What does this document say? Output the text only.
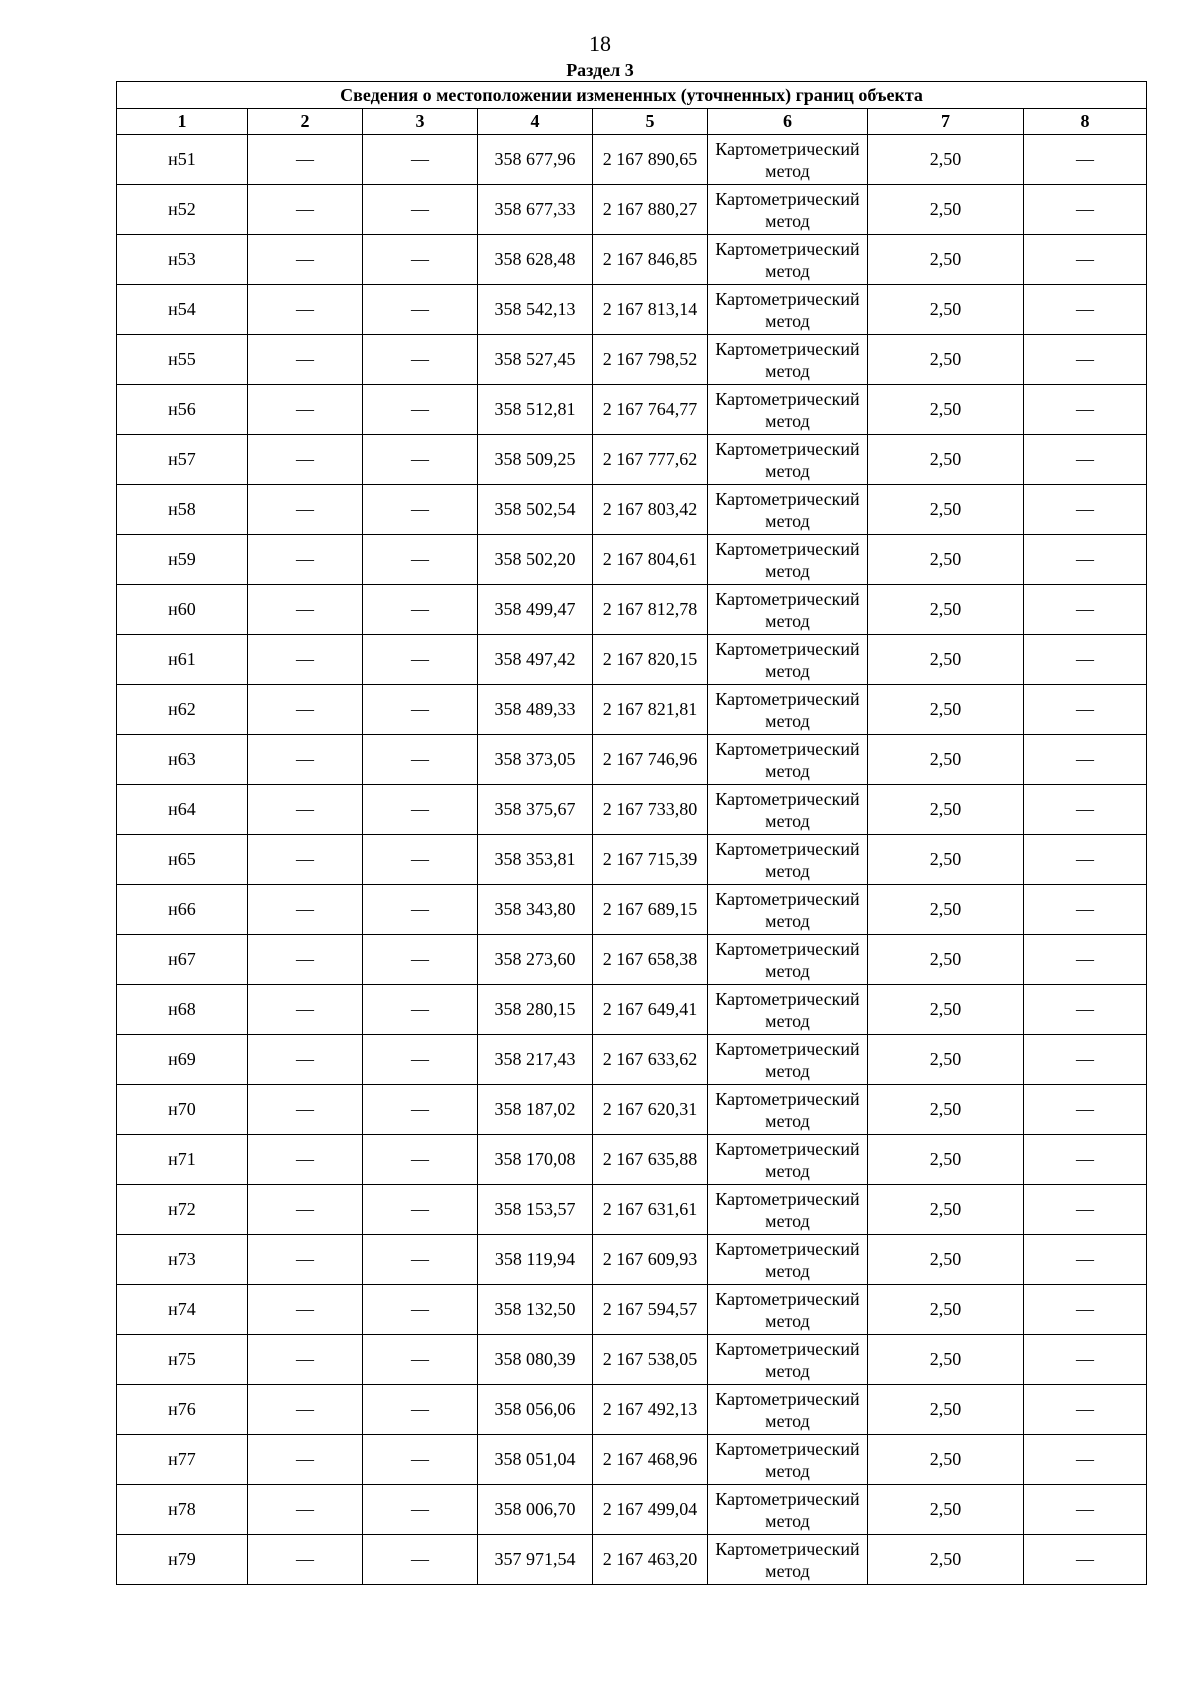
18
Раздел 3
Сведения о местоположении измененных (уточненных) границ объекта							
1	2	3	4	5	6	7	8
н51	—	—	358 677,96	2 167 890,65	Картометрический метод	2,50	—
н52	—	—	358 677,33	2 167 880,27	Картометрический метод	2,50	—
н53	—	—	358 628,48	2 167 846,85	Картометрический метод	2,50	—
н54	—	—	358 542,13	2 167 813,14	Картометрический метод	2,50	—
н55	—	—	358 527,45	2 167 798,52	Картометрический метод	2,50	—
н56	—	—	358 512,81	2 167 764,77	Картометрический метод	2,50	—
н57	—	—	358 509,25	2 167 777,62	Картометрический метод	2,50	—
н58	—	—	358 502,54	2 167 803,42	Картометрический метод	2,50	—
н59	—	—	358 502,20	2 167 804,61	Картометрический метод	2,50	—
н60	—	—	358 499,47	2 167 812,78	Картометрический метод	2,50	—
н61	—	—	358 497,42	2 167 820,15	Картометрический метод	2,50	—
н62	—	—	358 489,33	2 167 821,81	Картометрический метод	2,50	—
н63	—	—	358 373,05	2 167 746,96	Картометрический метод	2,50	—
н64	—	—	358 375,67	2 167 733,80	Картометрический метод	2,50	—
н65	—	—	358 353,81	2 167 715,39	Картометрический метод	2,50	—
н66	—	—	358 343,80	2 167 689,15	Картометрический метод	2,50	—
н67	—	—	358 273,60	2 167 658,38	Картометрический метод	2,50	—
н68	—	—	358 280,15	2 167 649,41	Картометрический метод	2,50	—
н69	—	—	358 217,43	2 167 633,62	Картометрический метод	2,50	—
н70	—	—	358 187,02	2 167 620,31	Картометрический метод	2,50	—
н71	—	—	358 170,08	2 167 635,88	Картометрический метод	2,50	—
н72	—	—	358 153,57	2 167 631,61	Картометрический метод	2,50	—
н73	—	—	358 119,94	2 167 609,93	Картометрический метод	2,50	—
н74	—	—	358 132,50	2 167 594,57	Картометрический метод	2,50	—
н75	—	—	358 080,39	2 167 538,05	Картометрический метод	2,50	—
н76	—	—	358 056,06	2 167 492,13	Картометрический метод	2,50	—
н77	—	—	358 051,04	2 167 468,96	Картометрический метод	2,50	—
н78	—	—	358 006,70	2 167 499,04	Картометрический метод	2,50	—
н79	—	—	357 971,54	2 167 463,20	Картометрический метод	2,50	—
